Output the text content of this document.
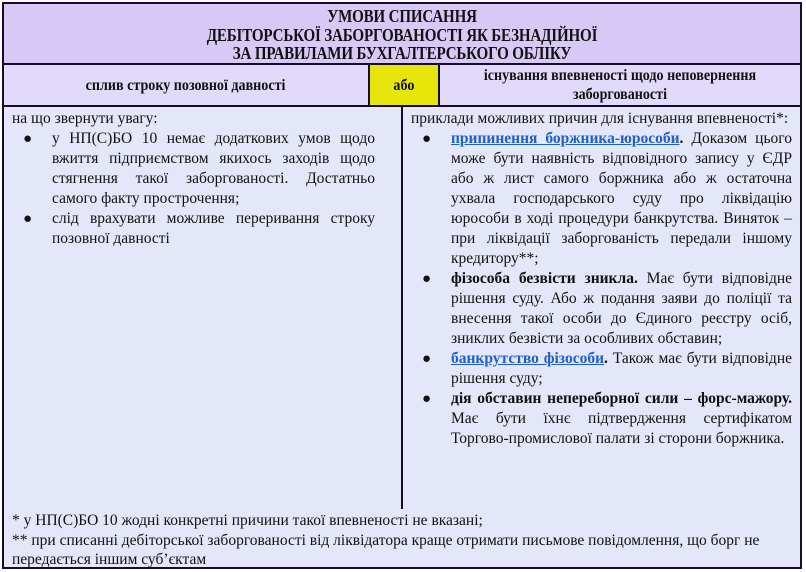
УМОВИ СПИСАННЯ
ДЕБІТОРСЬКОЇ ЗАБОРГОВАНОСТІ ЯК БЕЗНАДІЙНОЇ
ЗА ПРАВИЛАМИ БУХГАЛТЕРСЬКОГО ОБЛІКУ
сплив строку позовної давності	або
існування впевненості щодо неповернення заборгованості
на що звернути увагу:
● у НП(С)БО 10 немає додаткових умов щодо вжиття підприємством якихось заходів щодо стягнення такої заборгованості. Достатньо самого факту прострочення;
● слід врахувати можливе переривання строку позовної давності
приклади можливих причин для існування впевненості*:
● припинення боржника-юрособи. Доказом цього може бути наявність відповідного запису у ЄДР або ж лист самого боржника або ж остаточна ухвала господарського суду про ліквідацію юрособи в ході процедури банкрутства. Виняток – при ліквідації заборгованість передали іншому кредитору**;
● фізособа безвісти зникла. Має бути відповідне рішення суду. Або ж подання заяви до поліції та внесення такої особи до Єдиного реєстру осіб, зниклих безвісти за особливих обставин;
● банкрутство фізособи. Також має бути відповідне рішення суду;
● дія обставин непереборної сили – форс-мажору. Має бути їхнє підтвердження сертифікатом Торгово-промислової палати зі сторони боржника.
* у НП(С)БО 10 жодні конкретні причини такої впевненості не вказані;
** при списанні дебіторської заборгованості від ліквідатора краще отримати письмове повідомлення, що борг не передається іншим суб’єктам
